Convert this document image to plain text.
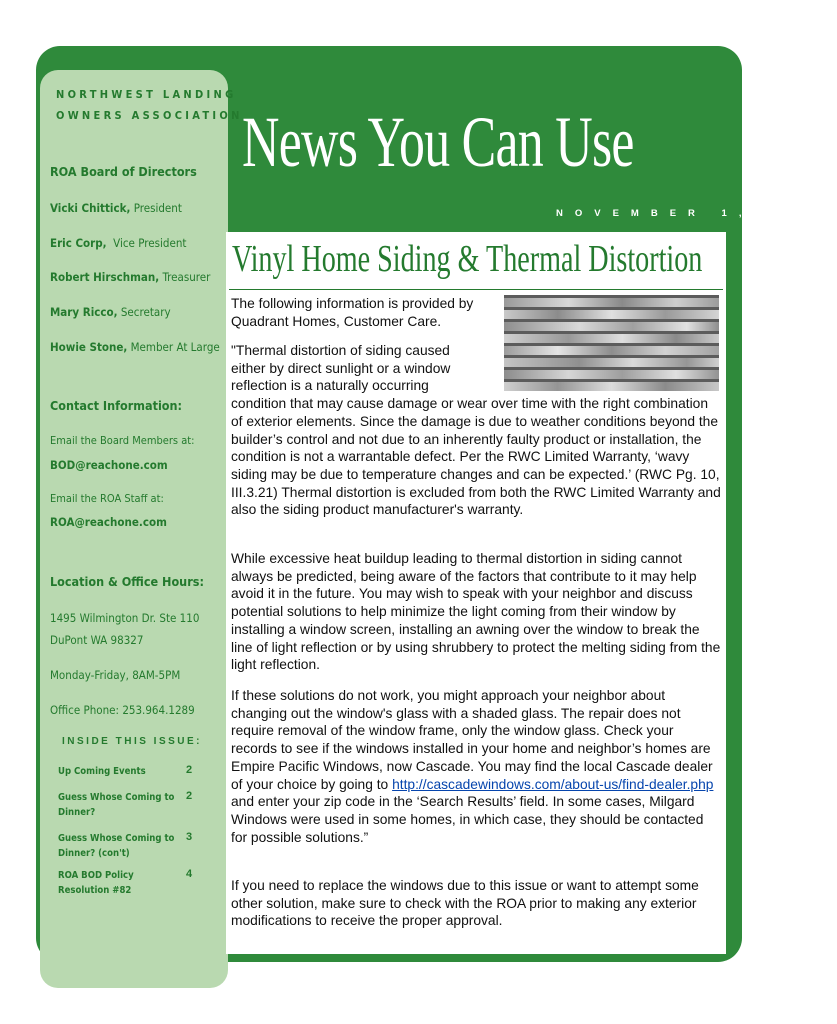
NORTHWEST LANDING
OWNERS ASSOCIATION News You Can Use
NOVEMBER 1, 2015
ROA Board of Directors
Vicki Chittick, President
Eric Corp, Vice President
Robert Hirschman, Treasurer
Mary Ricco, Secretary
Howie Stone, Member At Large
Contact Information:
Email the Board Members at:
BOD@reachone.com
Email the ROA Staff at:
ROA@reachone.com
Location & Office Hours:
1495 Wilmington Dr. Ste 110
DuPont WA 98327
Monday-Friday, 8AM-5PM
Office Phone: 253.964.1289
INSIDE THIS ISSUE:
Up Coming Events	2
Guess Whose Coming to
Dinner?
2
Guess Whose Coming to
Dinner? (con't)
3
ROA BOD Policy
Resolution #82
4
Vinyl Home Siding & Thermal Distortion
The following information is provided by
Quadrant Homes, Customer Care.
"Thermal distortion of siding caused
either by direct sunlight or a window
reflection is a naturally occurring
condition that may cause damage or wear over time with the right combination of exterior elements. Since the damage is due to weather conditions beyond the builder’s control and not due to an inherently faulty product or installation, the condition is not a warrantable defect. Per the RWC Limited Warranty, ‘wavy siding may be due to temperature changes and can be expected.’ (RWC Pg. 10, III.3.21) Thermal distortion is excluded from both the RWC Limited Warranty and also the siding product manufacturer's warranty.
While excessive heat buildup leading to thermal distortion in siding cannot always be predicted, being aware of the factors that contribute to it may help avoid it in the future. You may wish to speak with your neighbor and discuss potential solutions to help minimize the light coming from their window by installing a window screen, installing an awning over the window to break the line of light reflection or by using shrubbery to protect the melting siding from the light reflection.
If these solutions do not work, you might approach your neighbor about changing out the window's glass with a shaded glass. The repair does not require removal of the window frame, only the window glass. Check your records to see if the windows installed in your home and neighbor’s homes are Empire Pacific Windows, now Cascade. You may find the local Cascade dealer of your choice by going to http://cascadewindows.com/about-us/find-dealer.php and enter your zip code in the ‘Search Results’ field. In some cases, Milgard Windows were used in some homes, in which case, they should be contacted for possible solutions.”
If you need to replace the windows due to this issue or want to attempt some other solution, make sure to check with the ROA prior to making any exterior modifications to receive the proper approval.
